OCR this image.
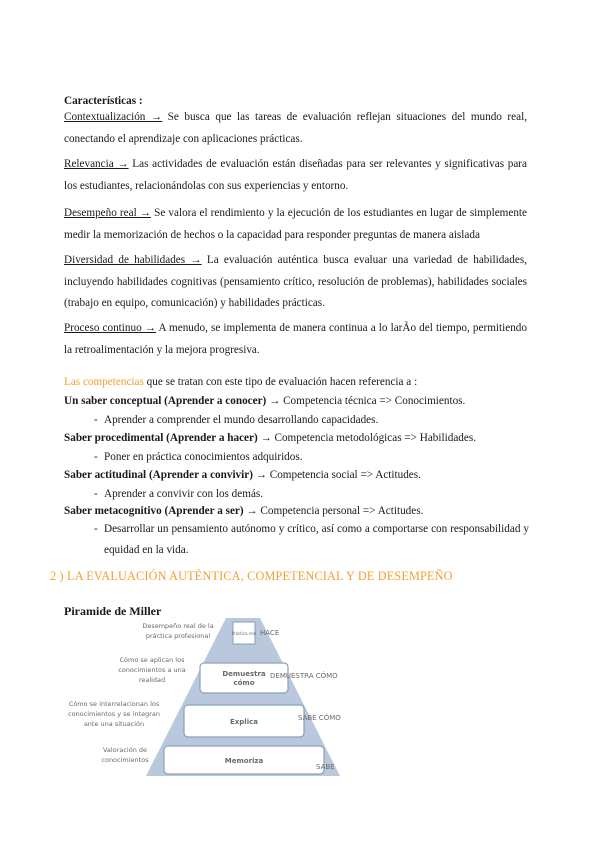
Características :
Contextualización → Se busca que las tareas de evaluación reflejan situaciones del mundo real, conectando el aprendizaje con aplicaciones prácticas.
Relevancia → Las actividades de evaluación están diseñadas para ser relevantes y significativas para los estudiantes, relacionándolas con sus experiencias y entorno.
Desempeño real → Se valora el rendimiento y la ejecución de los estudiantes en lugar de simplemente medir la memorización de hechos o la capacidad para responder preguntas de manera aislada
Diversidad de habilidades → La evaluación auténtica busca evaluar una variedad de habilidades, incluyendo habilidades cognitivas (pensamiento crítico, resolución de problemas), habilidades sociales (trabajo en equipo, comunicación) y habilidades prácticas.
Proceso continuo → A menudo, se implementa de manera continua a lo larÃo del tiempo, permitiendo la retroalimentación y la mejora progresiva.
Las competencias que se tratan con este tipo de evaluación hacen referencia a :
Un saber conceptual (Aprender a conocer) → Competencia técnica => Conocimientos.
- Aprender a comprender el mundo desarrollando capacidades.
Saber procedimental (Aprender a hacer) → Competencia metodológicas => Habilidades.
- Poner en práctica conocimientos adquiridos.
Saber actitudinal (Aprender a convivir) → Competencia social => Actitudes.
- Aprender a convivir con los demás.
Saber metacognitivo (Aprender a ser) → Competencia personal => Actitudes.
- Desarrollar un pensamiento autónomo y crítico, así como a comportarse con responsabilidad y equidad en la vida.
2 ) LA EVALUACIÓN AUTÉNTICA, COMPETENCIAL Y DE DESEMPEÑO
Piramide de Miller
Práctica real
Demuestra
cómo
Explica
Memoriza
Desempeño real de la
práctica profesional
Cómo se aplican los
conocimientos a una
realidad
Cómo se interrelacionan los
conocimientos y se integran
ante una situación
Valoración de
conocimientos
HACE
DEMUESTRA CÓMO
SABE CÓMO
SABE
